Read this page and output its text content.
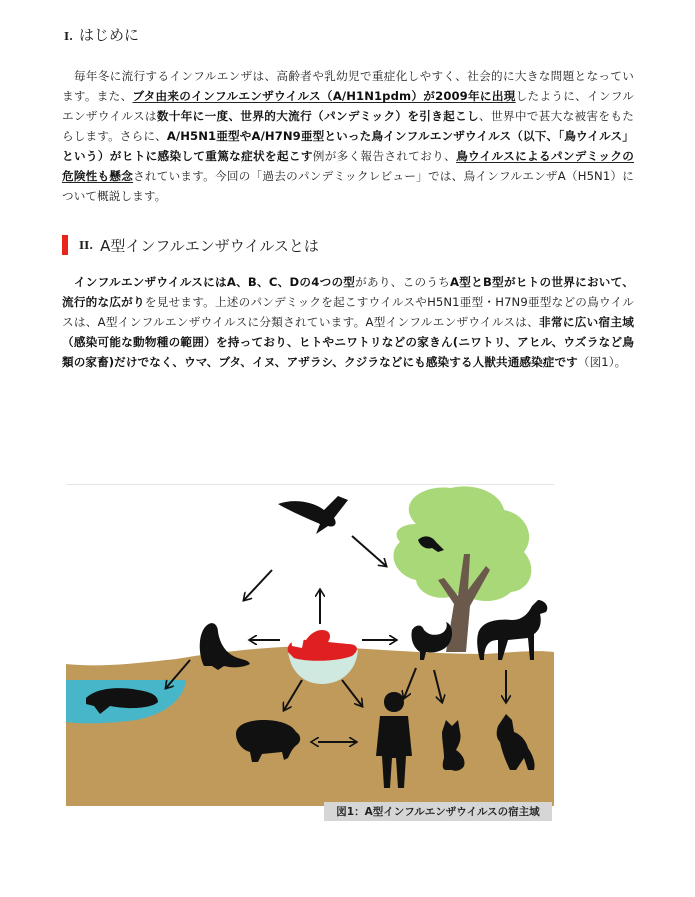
I. はじめに
　毎年冬に流行するインフルエンザは、高齢者や乳幼児で重症化しやすく、社会的に大きな問題となっています。また、ブタ由来のインフルエンザウイルス（A/H1N1pdm）が2009年に出現したように、インフルエンザウイルスは数十年に一度、世界的大流行（パンデミック）を引き起こし、世界中で甚大な被害をもたらします。さらに、A/H5N1亜型やA/H7N9亜型といった鳥インフルエンザウイルス（以下、「鳥ウイルス」という）がヒトに感染して重篤な症状を起こす例が多く報告されており、鳥ウイルスによるパンデミックの危険性も懸念されています。今回の「過去のパンデミックレビュー」では、鳥インフルエンザA（H5N1）について概説します。
II. A型インフルエンザウイルスとは
　インフルエンザウイルスにはA、B、C、Dの4つの型があり、このうちA型とB型がヒトの世界において、流行的な広がりを見せます。上述のパンデミックを起こすウイルスやH5N1亜型・H7N9亜型などの鳥ウイルスは、A型インフルエンザウイルスに分類されています。A型インフルエンザウイルスは、非常に広い宿主域（感染可能な動物種の範囲）を持っており、ヒトやニワトリなどの家きん(ニワトリ、アヒル、ウズラなど鳥類の家畜)だけでなく、ウマ、ブタ、イヌ、アザラシ、クジラなどにも感染する人獣共通感染症です（図1）。
図1：A型インフルエンザウイルスの宿主域
